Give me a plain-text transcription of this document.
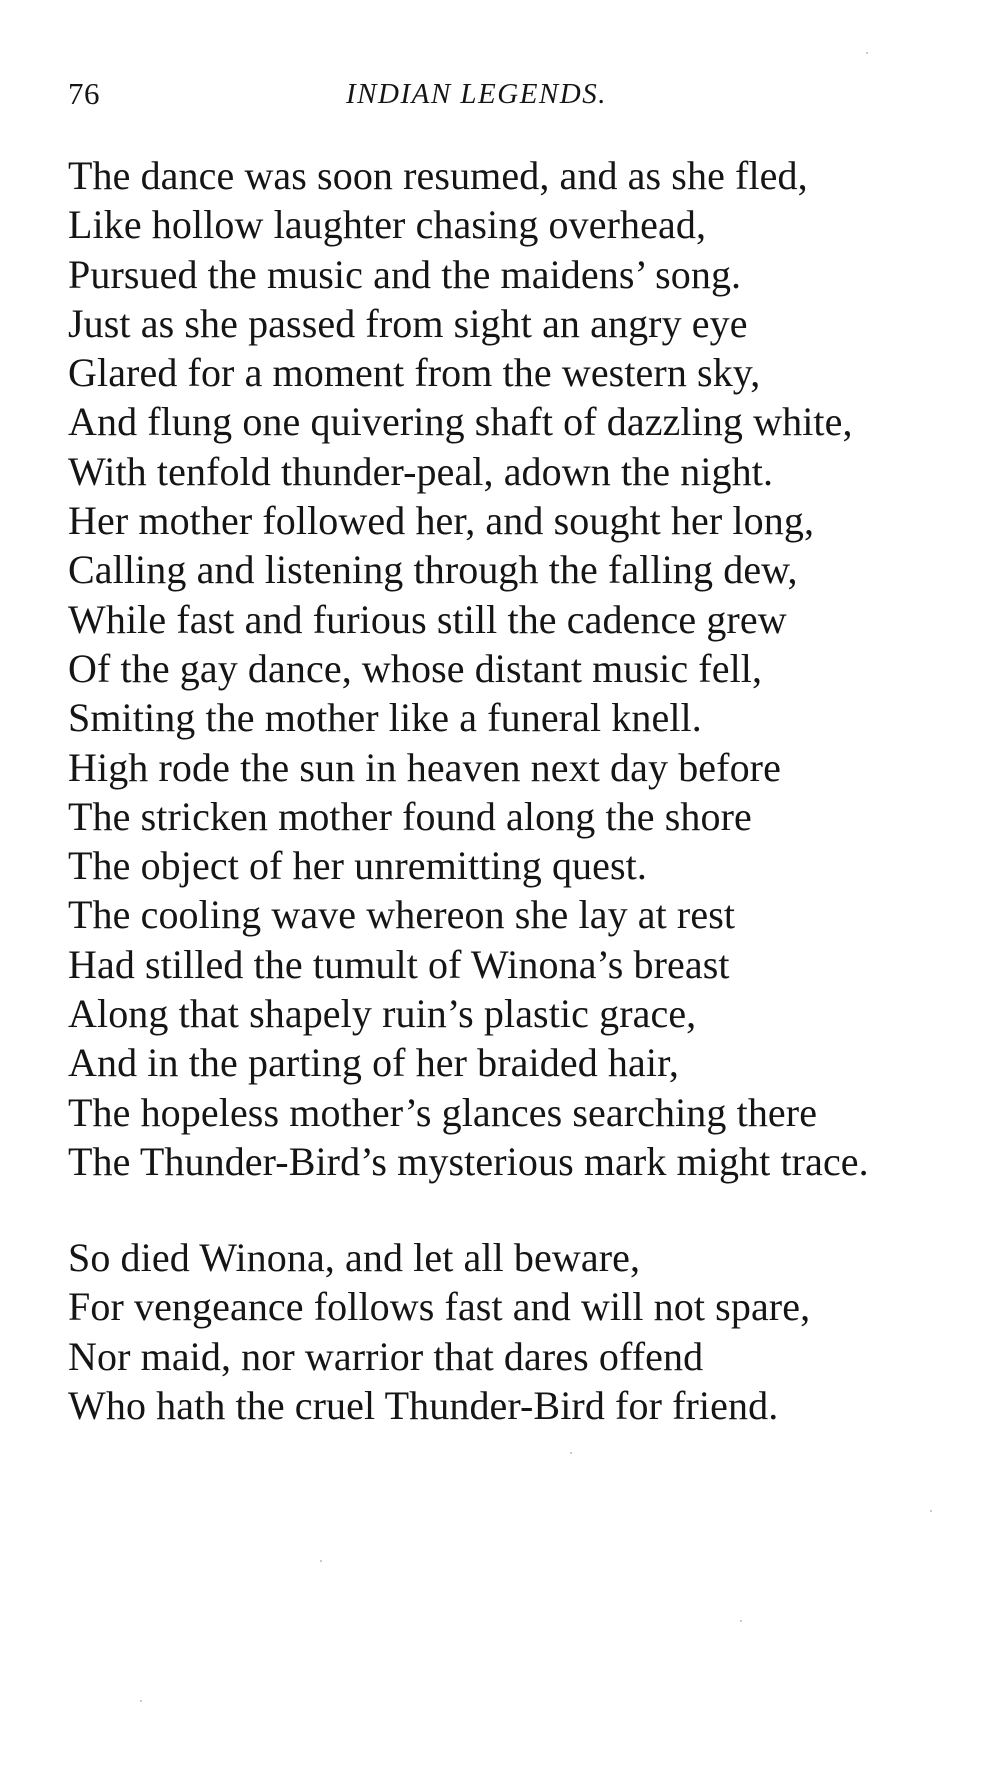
76	INDIAN LEGENDS.
The dance was soon resumed, and as she fled,
Like hollow laughter chasing overhead,
Pursued the music and the maidens’ song.
Just as she passed from sight an angry eye
Glared for a moment from the western sky,
And flung one quivering shaft of dazzling white,
With tenfold thunder-peal, adown the night.
Her mother followed her, and sought her long,
Calling and listening through the falling dew,
While fast and furious still the cadence grew
Of the gay dance, whose distant music fell,
Smiting the mother like a funeral knell.
High rode the sun in heaven next day before
The stricken mother found along the shore
The object of her unremitting quest.
The cooling wave whereon she lay at rest
Had stilled the tumult of Winona’s breast
Along that shapely ruin’s plastic grace,
And in the parting of her braided hair,
The hopeless mother’s glances searching there
The Thunder-Bird’s mysterious mark might trace.
So died Winona, and let all beware,
For vengeance follows fast and will not spare,
Nor maid, nor warrior that dares offend
Who hath the cruel Thunder-Bird for friend.
